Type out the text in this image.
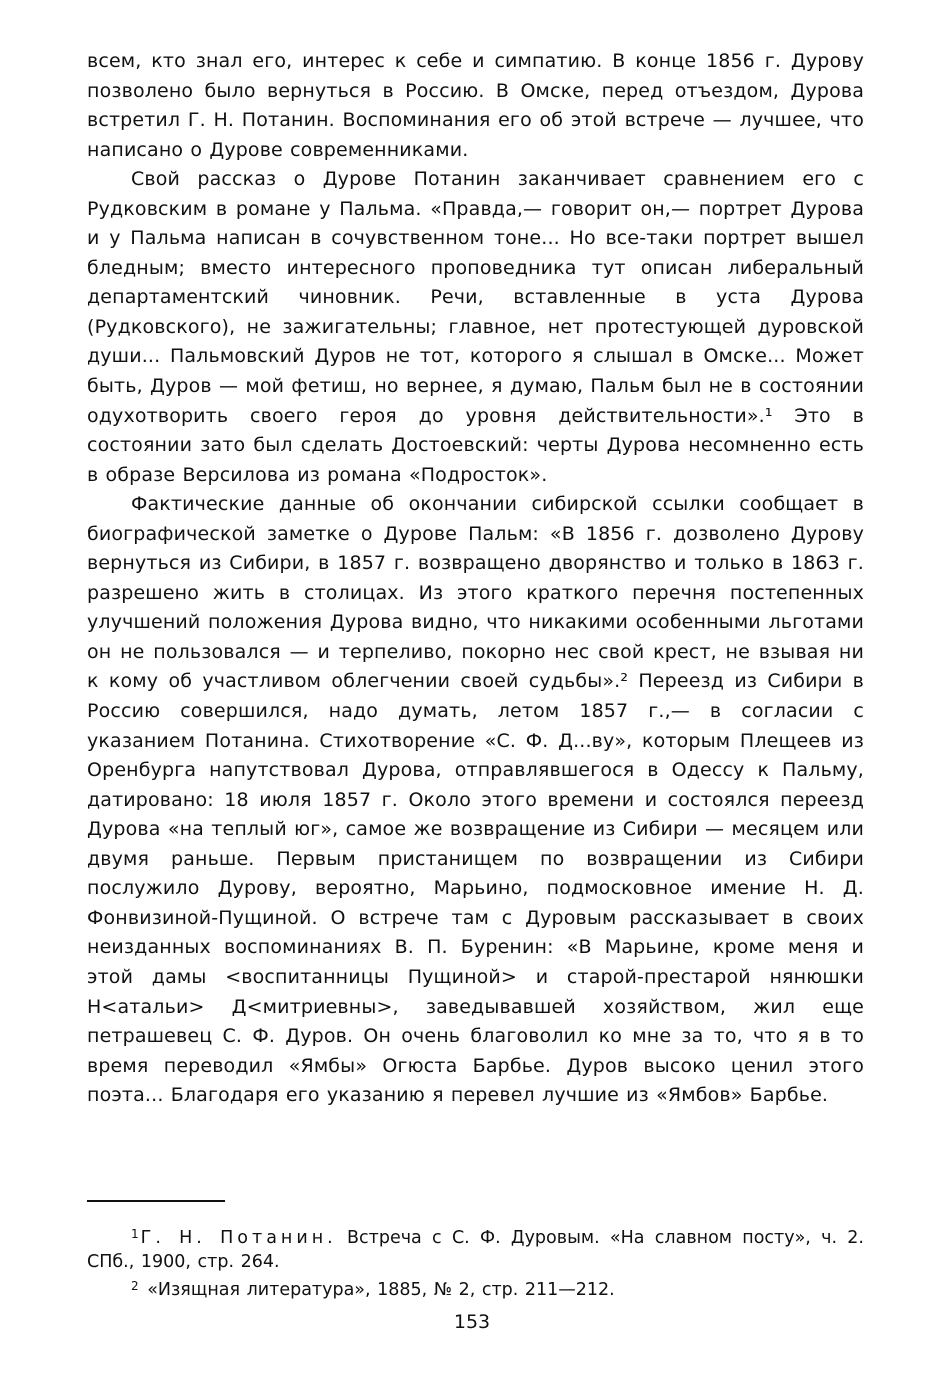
всем, кто знал его, интерес к себе и симпатию. В конце 1856 г. Дурову позволено было вернуться в Россию. В Омске, перед отъездом, Дурова встретил Г. Н. Потанин. Воспоминания его об этой встрече — лучшее, что написано о Дурове современниками.

Свой рассказ о Дурове Потанин заканчивает сравнением его с Рудковским в романе у Пальма. «Правда,— говорит он,— портрет Дурова и у Пальма написан в сочувственном тоне... Но все-таки портрет вышел бледным; вместо интересного проповедника тут описан либеральный департаментский чиновник. Речи, вставленные в уста Дурова (Рудковского), не зажигательны; главное, нет протестующей дуровской души... Пальмовский Дуров не тот, которого я слышал в Омске... Может быть, Дуров — мой фетиш, но вернее, я думаю, Пальм был не в состоянии одухотворить своего героя до уровня действительности».¹ Это в состоянии зато был сделать Достоевский: черты Дурова несомненно есть в образе Версилова из романа «Подросток».

Фактические данные об окончании сибирской ссылки сообщает в биографической заметке о Дурове Пальм: «В 1856 г. дозволено Дурову вернуться из Сибири, в 1857 г. возвращено дворянство и только в 1863 г. разрешено жить в столицах. Из этого краткого перечня постепенных улучшений положения Дурова видно, что никакими особенными льготами он не пользовался — и терпеливо, покорно нес свой крест, не взывая ни к кому об участливом облегчении своей судьбы».² Переезд из Сибири в Россию совершился, надо думать, летом 1857 г.,— в согласии с указанием Потанина. Стихотворение «С. Ф. Д...ву», которым Плещеев из Оренбурга напутствовал Дурова, отправлявшегося в Одессу к Пальму, датировано: 18 июля 1857 г. Около этого времени и состоялся переезд Дурова «на теплый юг», самое же возвращение из Сибири — месяцем или двумя раньше. Первым пристанищем по возвращении из Сибири послужило Дурову, вероятно, Марьино, подмосковное имение Н. Д. Фонвизиной-Пущиной. О встрече там с Дуровым рассказывает в своих неизданных воспоминаниях В. П. Буренин: «В Марьине, кроме меня и этой дамы <воспитанницы Пущиной> и старой-престарой нянюшки Н<атальи> Д<митриевны>, заведывавшей хозяйством, жил еще петрашевец С. Ф. Дуров. Он очень благоволил ко мне за то, что я в то время переводил «Ямбы» Огюста Барбье. Дуров высоко ценил этого поэта... Благодаря его указанию я перевел лучшие из «Ямбов» Барбье.

$^1$ Г. Н. Потанин. Встреча с С. Ф. Дуровым. «На славном посту», ч. 2. СПб., 1900, стр. 264.

$^2$ «Изящная литература», 1885, № 2, стр. 211—212.

153
